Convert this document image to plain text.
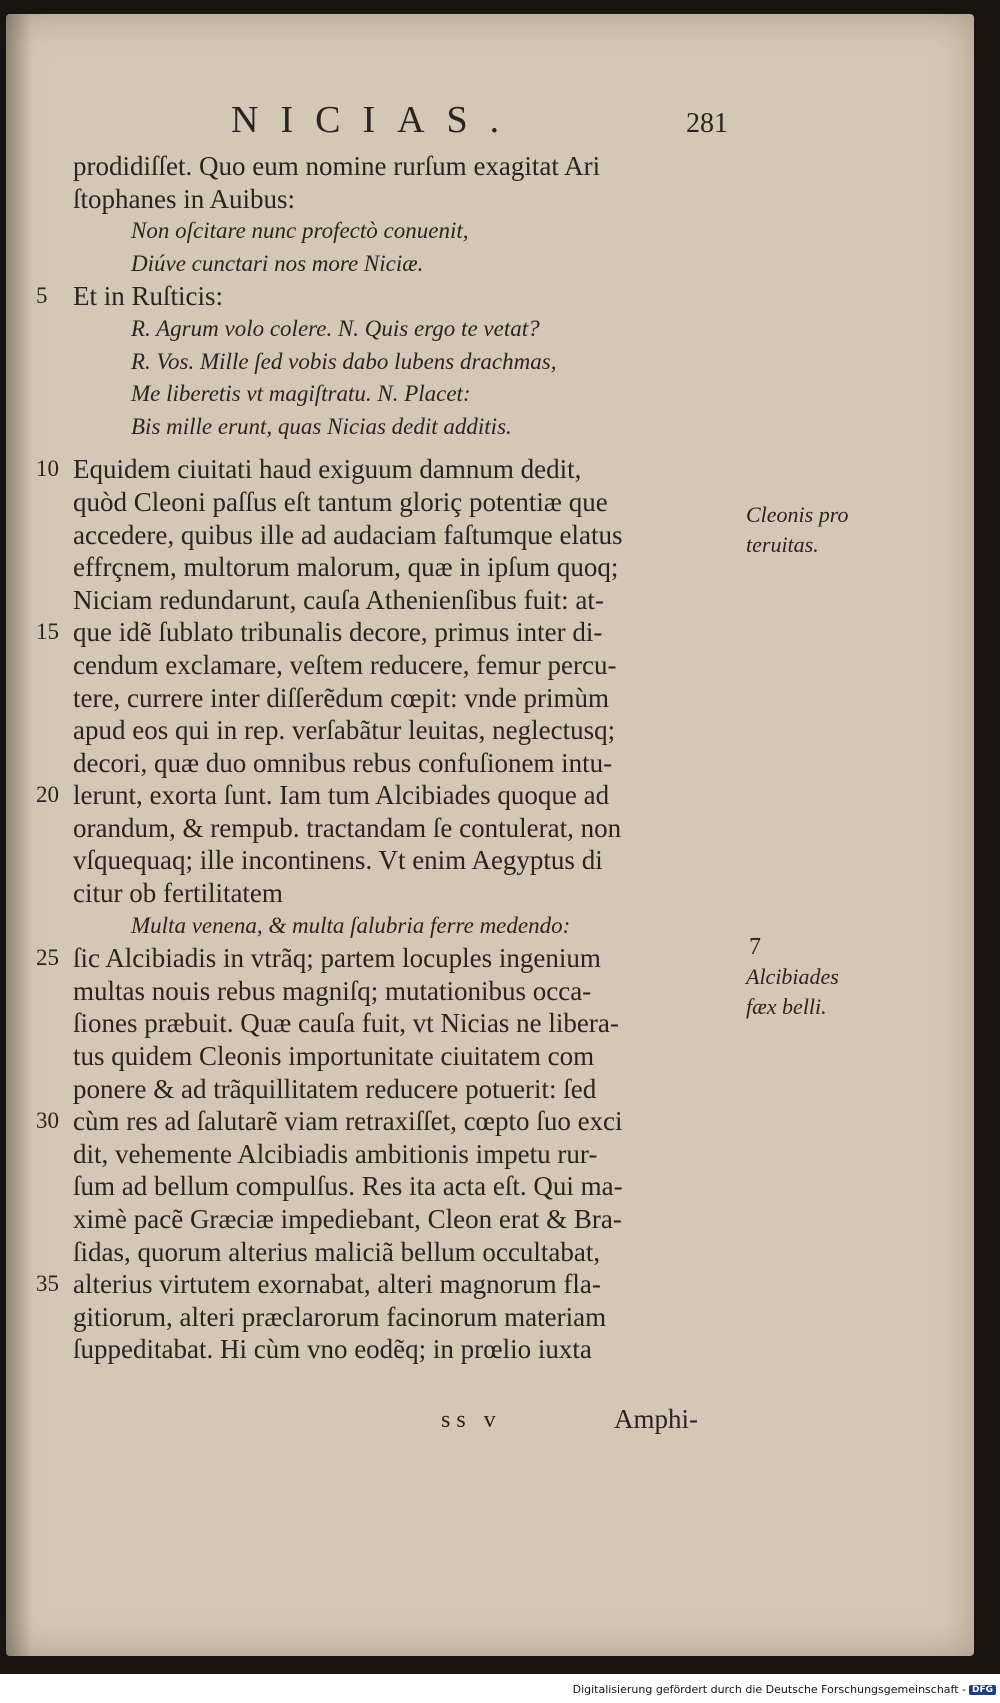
NICIAS.	281
prodidiſſet. Quo eum nomine rurſum exagitat Ari
ſtophanes in Auibus:
Non oſcitare nunc profectò conuenit,
Diúve cunctari nos more Niciæ.
5 Et in Ruſticis:
R. Agrum volo colere. N. Quis ergo te vetat?
R. Vos. Mille ſed vobis dabo lubens drachmas,
Me liberetis vt magiſtratu. N. Placet:
Bis mille erunt, quas Nicias dedit additis.
10 Equidem ciuitati haud exiguum damnum dedit,
quòd Cleoni paſſus eſt tantum gloriç potentiæ que
accedere, quibus ille ad audaciam faſtumque elatus
effrçnem, multorum malorum, quæ in ipſum quoq;
Niciam redundarunt, cauſa Athenienſibus fuit: at-
15 que idẽ ſublato tribunalis decore, primus inter di-
cendum exclamare, veſtem reducere, femur percu-
tere, currere inter diſſerẽdum cœpit: vnde primùm
apud eos qui in rep. verſabãtur leuitas, neglectusq;
decori, quæ duo omnibus rebus confuſionem intu-
20 lerunt, exorta ſunt. Iam tum Alcibiades quoque ad
orandum, & rempub. tractandam ſe contulerat, non
vſquequaq; ille incontinens. Vt enim Aegyptus di
citur ob fertilitatem
Multa venena, & multa ſalubria ferre medendo:
25 ſic Alcibiadis in vtrãq; partem locuples ingenium
multas nouis rebus magniſq; mutationibus occa-
ſiones præbuit. Quæ cauſa fuit, vt Nicias ne libera-
tus quidem Cleonis importunitate ciuitatem com
ponere & ad trãquillitatem reducere potuerit: ſed
30 cùm res ad ſalutarẽ viam retraxiſſet, cœpto ſuo exci
dit, vehemente Alcibiadis ambitionis impetu rur-
ſum ad bellum compulſus. Res ita acta eſt. Qui ma-
ximè pacẽ Græciæ impediebant, Cleon erat & Bra-
ſidas, quorum alterius maliciã bellum occultabat,
35 alterius virtutem exornabat, alteri magnorum fla-
gitiorum, alteri præclarorum facinorum materiam
ſuppeditabat. Hi cùm vno eodẽq; in prœlio iuxta
Cleonis pro
teruitas.
7
Alcibiades
fæx belli.
ss v	Amphi-
Digitalisierung gefördert durch die Deutsche Forschungsgemeinschaft - DFG
